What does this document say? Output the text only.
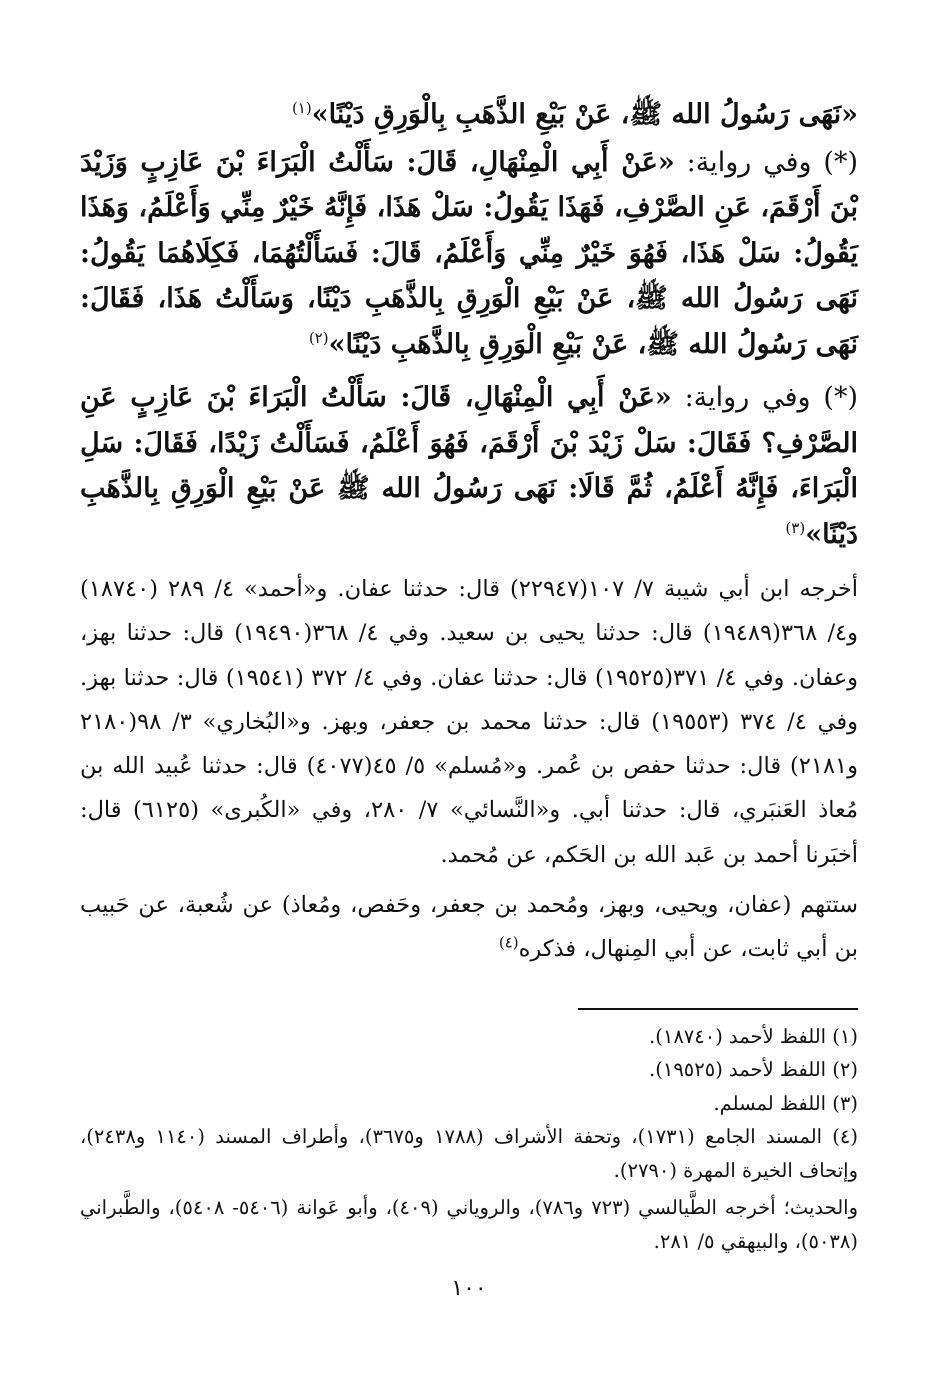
«نَهَى رَسُولُ الله ﷺ، عَنْ بَيْعِ الذَّهَبِ بِالْوَرِقِ دَيْنًا»$^{(١)}$

(*) وفي رواية: «عَنْ أَبِي الْمِنْهَالِ، قَالَ: سَأَلْتُ الْبَرَاءَ بْنَ عَازِبٍ وَزَيْدَ بْنَ أَرْقَمَ، عَنِ الصَّرْفِ، فَهَذَا يَقُولُ: سَلْ هَذَا، فَإِنَّهُ خَيْرٌ مِنِّي وَأَعْلَمُ، وَهَذَا يَقُولُ: سَلْ هَذَا، فَهُوَ خَيْرٌ مِنِّي وَأَعْلَمُ، قَالَ: فَسَأَلْتُهُمَا، فَكِلَاهُمَا يَقُولُ: نَهَى رَسُولُ الله ﷺ، عَنْ بَيْعِ الْوَرِقِ بِالذَّهَبِ دَيْنًا، وَسَأَلْتُ هَذَا، فَقَالَ: نَهَى رَسُولُ الله ﷺ، عَنْ بَيْعِ الْوَرِقِ بِالذَّهَبِ دَيْنًا»$^{(٢)}$

(*) وفي رواية: «عَنْ أَبِي الْمِنْهَالِ، قَالَ: سَأَلْتُ الْبَرَاءَ بْنَ عَازِبٍ عَنِ الصَّرْفِ؟ فَقَالَ: سَلْ زَيْدَ بْنَ أَرْقَمَ، فَهُوَ أَعْلَمُ، فَسَأَلْتُ زَيْدًا، فَقَالَ: سَلِ الْبَرَاءَ، فَإِنَّهُ أَعْلَمُ، ثُمَّ قَالَا: نَهَى رَسُولُ الله ﷺ عَنْ بَيْعِ الْوَرِقِ بِالذَّهَبِ دَيْنًا»$^{(٣)}$

أخرجه ابن أبي شيبة ٧/ ١٠٧(٢٢٩٤٧) قال: حدثنا عفان. و«أحمد» ٤/ ٢٨٩ (١٨٧٤٠) و٤/ ٣٦٨(١٩٤٨٩) قال: حدثنا يحيى بن سعيد. وفي ٤/ ٣٦٨(١٩٤٩٠) قال: حدثنا بهز، وعفان. وفي ٤/ ٣٧١(١٩٥٢٥) قال: حدثنا عفان. وفي ٤/ ٣٧٢ (١٩٥٤١) قال: حدثنا بهز. وفي ٤/ ٣٧٤ (١٩٥٥٣) قال: حدثنا محمد بن جعفر، وبهز. و«البُخاري» ٣/ ٩٨(٢١٨٠ و٢١٨١) قال: حدثنا حفص بن عُمر. و«مُسلم» ٥/ ٤٥(٤٠٧٧) قال: حدثنا عُبيد الله بن مُعاذ العَنبَري، قال: حدثنا أبي. و«النَّسائي» ٧/ ٢٨٠، وفي «الكُبرى» (٦١٢٥) قال: أخبَرنا أحمد بن عَبد الله بن الحَكم، عن مُحمد.

ستتهم (عفان، ويحيى، وبهز، ومُحمد بن جعفر، وحَفص، ومُعاذ) عن شُعبة، عن حَبيب بن أبي ثابت، عن أبي المِنهال، فذكره$^{(٤)}$

(١) اللفظ لأحمد (١٨٧٤٠).

(٢) اللفظ لأحمد (١٩٥٢٥).

(٣) اللفظ لمسلم.

(٤) المسند الجامع (١٧٣١)، وتحفة الأشراف (١٧٨٨ و٣٦٧٥)، وأطراف المسند (١١٤٠ و٢٤٣٨)، وإتحاف الخيرة المهرة (٢٧٩٠).

والحديث؛ أخرجه الطَّيالسي (٧٢٣ و٧٨٦)، والروياني (٤٠٩)، وأبو عَوانة (٥٤٠٦- ٥٤٠٨)، والطَّبراني (٥٠٣٨)، والبيهقي ٥/ ٢٨١.

١٠٠
